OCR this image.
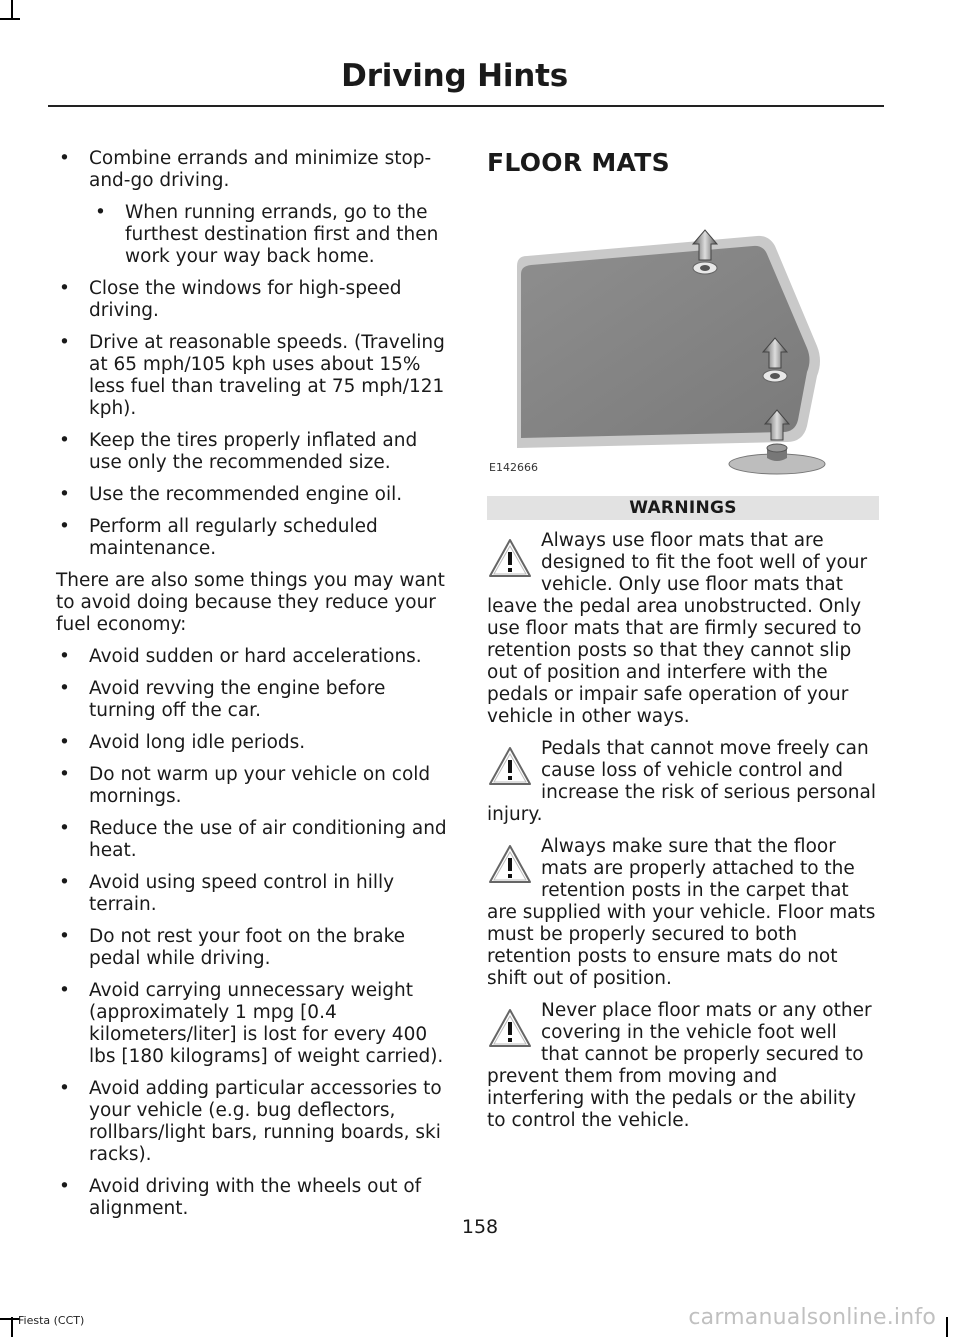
Driving Hints
• Combine errands and minimize stop-and-go driving.
• When running errands, go to the furthest destination first and then work your way back home.
• Close the windows for high-speed driving.
• Drive at reasonable speeds. (Traveling at 65 mph/105 kph uses about 15% less fuel than traveling at 75 mph/121 kph).
• Keep the tires properly inflated and use only the recommended size.
• Use the recommended engine oil.
• Perform all regularly scheduled maintenance.

There are also some things you may want to avoid doing because they reduce your fuel economy:

• Avoid sudden or hard accelerations.
• Avoid revving the engine before turning off the car.
• Avoid long idle periods.
• Do not warm up your vehicle on cold mornings.
• Reduce the use of air conditioning and heat.
• Avoid using speed control in hilly terrain.
• Do not rest your foot on the brake pedal while driving.
• Avoid carrying unnecessary weight (approximately 1 mpg [0.4 kilometers/liter] is lost for every 400 lbs [180 kilograms] of weight carried).
• Avoid adding particular accessories to your vehicle (e.g. bug deflectors, rollbars/light bars, running boards, ski racks).
• Avoid driving with the wheels out of alignment.
FLOOR MATS
E142666
WARNINGS

Always use floor mats that are designed to fit the foot well of your vehicle. Only use floor mats that leave the pedal area unobstructed. Only use floor mats that are firmly secured to retention posts so that they cannot slip out of position and interfere with the pedals or impair safe operation of your vehicle in other ways.

Pedals that cannot move freely can cause loss of vehicle control and increase the risk of serious personal injury.

Always make sure that the floor mats are properly attached to the retention posts in the carpet that are supplied with your vehicle. Floor mats must be properly secured to both retention posts to ensure mats do not shift out of position.

Never place floor mats or any other covering in the vehicle foot well that cannot be properly secured to prevent them from moving and interfering with the pedals or the ability to control the vehicle.

158
Fiesta (CCT)	carmanualsonline.info
